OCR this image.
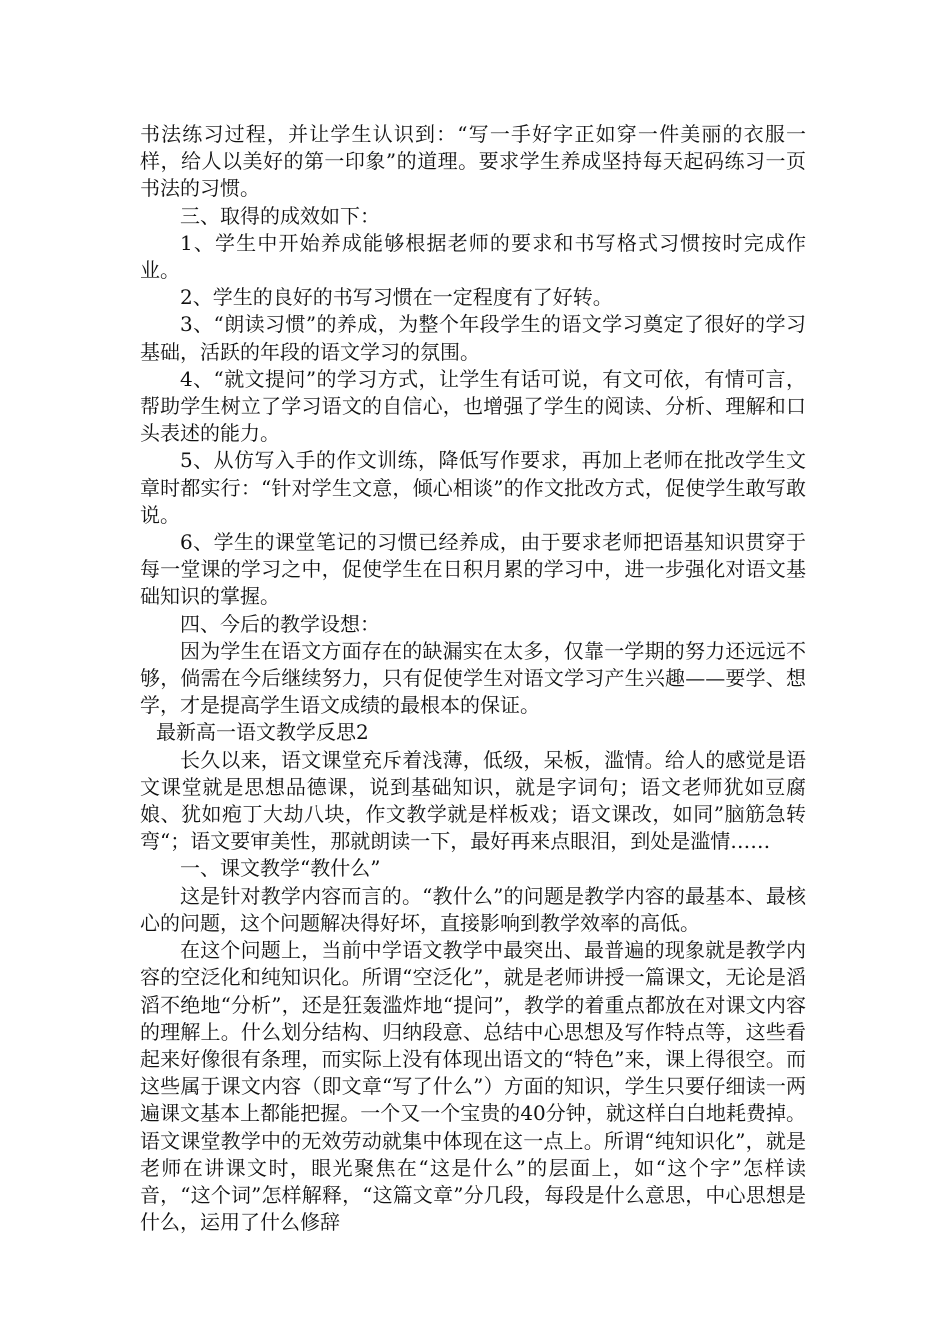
书法练习过程，并让学生认识到：“写一手好字正如穿一件美丽的衣服一样，给人以美好的第一印象”的道理。要求学生养成坚持每天起码练习一页书法的习惯。

三、取得的成效如下：

1、学生中开始养成能够根据老师的要求和书写格式习惯按时完成作业。

2、学生的良好的书写习惯在一定程度有了好转。

3、“朗读习惯”的养成，为整个年段学生的语文学习奠定了很好的学习基础，活跃的年段的语文学习的氛围。

4、“就文提问”的学习方式，让学生有话可说，有文可依，有情可言，帮助学生树立了学习语文的自信心，也增强了学生的阅读、分析、理解和口头表述的能力。

5、从仿写入手的作文训练，降低写作要求，再加上老师在批改学生文章时都实行：“针对学生文意，倾心相谈”的作文批改方式，促使学生敢写敢说。

6、学生的课堂笔记的习惯已经养成，由于要求老师把语基知识贯穿于每一堂课的学习之中，促使学生在日积月累的学习中，进一步强化对语文基础知识的掌握。

四、今后的教学设想：

因为学生在语文方面存在的缺漏实在太多，仅靠一学期的努力还远远不够，倘需在今后继续努力，只有促使学生对语文学习产生兴趣——要学、想学，才是提高学生语文成绩的最根本的保证。

最新高一语文教学反思2

长久以来，语文课堂充斥着浅薄，低级，呆板，滥情。给人的感觉是语文课堂就是思想品德课，说到基础知识，就是字词句；语文老师犹如豆腐娘、犹如疱丁大劫八块，作文教学就是样板戏；语文课改，如同”脑筋急转弯“；语文要审美性，那就朗读一下，最好再来点眼泪，到处是滥情……

一、课文教学“教什么”

这是针对教学内容而言的。“教什么”的问题是教学内容的最基本、最核心的问题，这个问题解决得好坏，直接影响到教学效率的高低。

在这个问题上，当前中学语文教学中最突出、最普遍的现象就是教学内容的空泛化和纯知识化。所谓“空泛化”，就是老师讲授一篇课文，无论是滔滔不绝地“分析”，还是狂轰滥炸地“提问”，教学的着重点都放在对课文内容的理解上。什么划分结构、归纳段意、总结中心思想及写作特点等，这些看起来好像很有条理，而实际上没有体现出语文的“特色”来，课上得很空。而这些属于课文内容（即文章“写了什么”）方面的知识，学生只要仔细读一两遍课文基本上都能把握。一个又一个宝贵的40分钟，就这样白白地耗费掉。语文课堂教学中的无效劳动就集中体现在这一点上。所谓“纯知识化”，就是老师在讲课文时，眼光聚焦在“这是什么”的层面上，如“这个字”怎样读音，“这个词”怎样解释，“这篇文章”分几段，每段是什么意思，中心思想是什么，运用了什么修辞
